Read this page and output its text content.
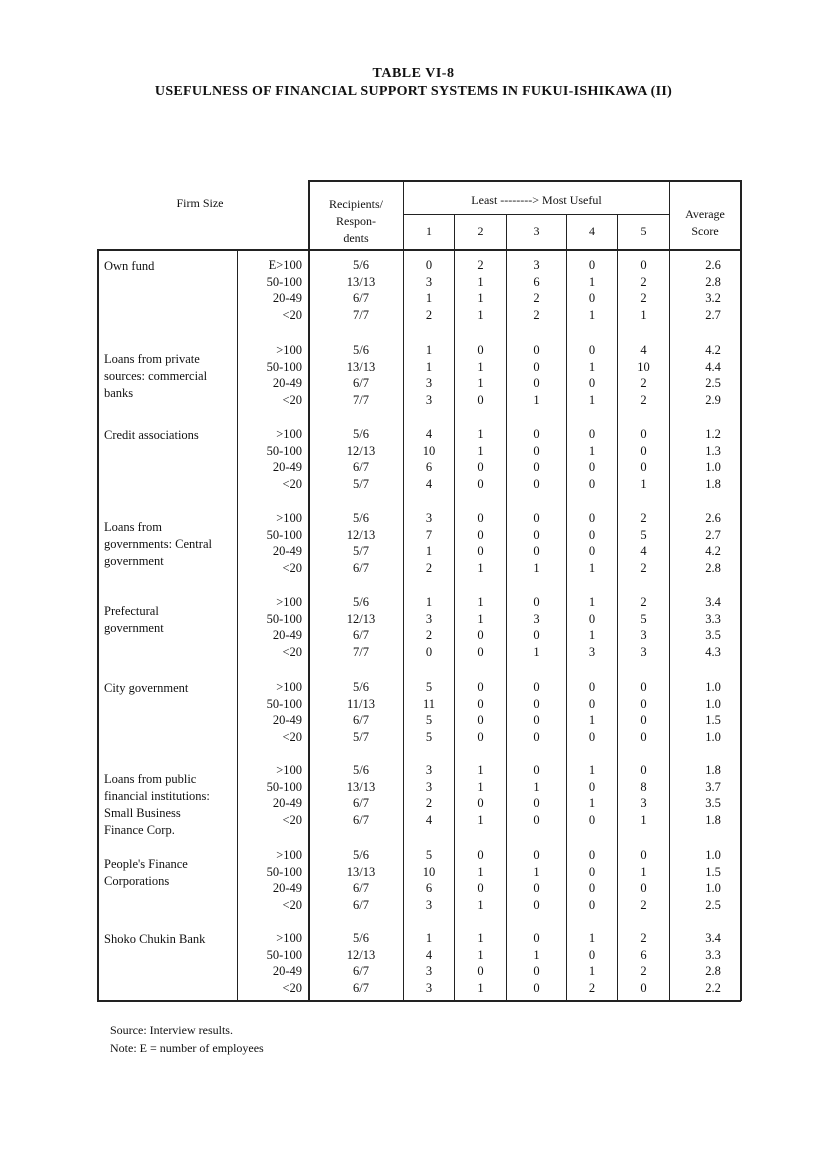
TABLE VI-8
USEFULNESS OF FINANCIAL SUPPORT SYSTEMS IN FUKUI-ISHIKAWA (II)
Firm Size	Recipients/
Respon-
dents
Least --------> Most Useful
1	2	3	4	5
Average
Score
Own fund	E>100	5/6	0	2	3	0	0	2.6
50-100	13/13	3	1	6	1	2	2.8
20-49	6/7	1	1	2	0	2	3.2
<20	7/7	2	1	2	1	1	2.7
Loans from private
sources: commercial
banks
>100	5/6	1	0	0	0	4	4.2
50-100	13/13	1	1	0	1	10	4.4
20-49	6/7	3	1	0	0	2	2.5
<20	7/7	3	0	1	1	2	2.9
Credit associations	>100	5/6	4	1	0	0	0	1.2
50-100	12/13	10	1	0	1	0	1.3
20-49	6/7	6	0	0	0	0	1.0
<20	5/7	4	0	0	0	1	1.8
Loans from
governments: Central
government
>100	5/6	3	0	0	0	2	2.6
50-100	12/13	7	0	0	0	5	2.7
20-49	5/7	1	0	0	0	4	4.2
<20	6/7	2	1	1	1	2	2.8
Prefectural
government
>100	5/6	1	1	0	1	2	3.4
50-100	12/13	3	1	3	0	5	3.3
20-49	6/7	2	0	0	1	3	3.5
<20	7/7	0	0	1	3	3	4.3
City government	>100	5/6	5	0	0	0	0	1.0
50-100	11/13	11	0	0	0	0	1.0
20-49	6/7	5	0	0	1	0	1.5
<20	5/7	5	0	0	0	0	1.0
Loans from public
financial institutions:
Small Business
Finance Corp.
>100	5/6	3	1	0	1	0	1.8
50-100	13/13	3	1	1	0	8	3.7
20-49	6/7	2	0	0	1	3	3.5
<20	6/7	4	1	0	0	1	1.8
People's Finance
Corporations
>100	5/6	5	0	0	0	0	1.0
50-100	13/13	10	1	1	0	1	1.5
20-49	6/7	6	0	0	0	0	1.0
<20	6/7	3	1	0	0	2	2.5
Shoko Chukin Bank	>100	5/6	1	1	0	1	2	3.4
50-100	12/13	4	1	1	0	6	3.3
20-49	6/7	3	0	0	1	2	2.8
<20	6/7	3	1	0	2	0	2.2
Source: Interview results.
Note: E = number of employees
